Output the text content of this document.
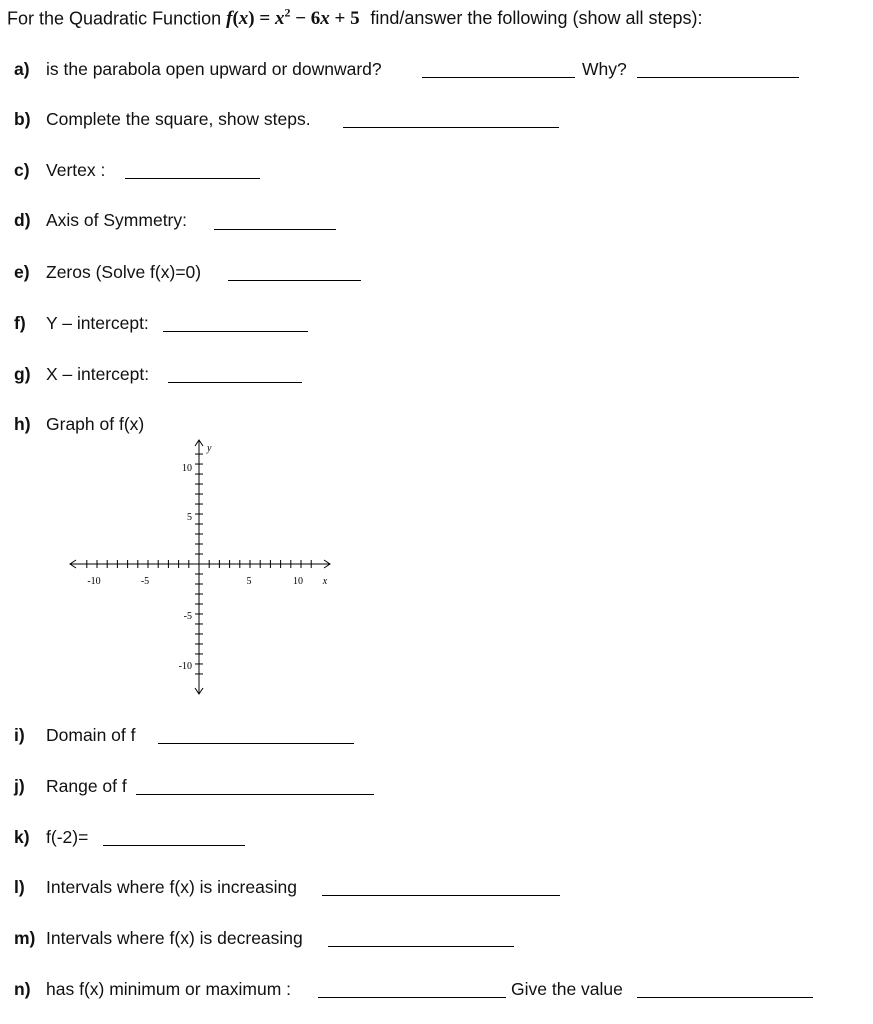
For the Quadratic Function $f(x) = x^2 - 6x + 5$ find/answer the following (show all steps):
a) is the parabola open upward or downward?	Why?
b) Complete the square, show steps.
c) Vertex :
d) Axis of Symmetry:
e) Zeros (Solve f(x)=0)
f) Y – intercept:
g) X – intercept:
h) Graph of f(x)
-10	-5	5	10 x
10
5
-5
-10
y
i) Domain of f
j) Range of f
k) f(-2)=
l) Intervals where f(x) is increasing
m) Intervals where f(x) is decreasing
n) has f(x) minimum or maximum :	Give the value
